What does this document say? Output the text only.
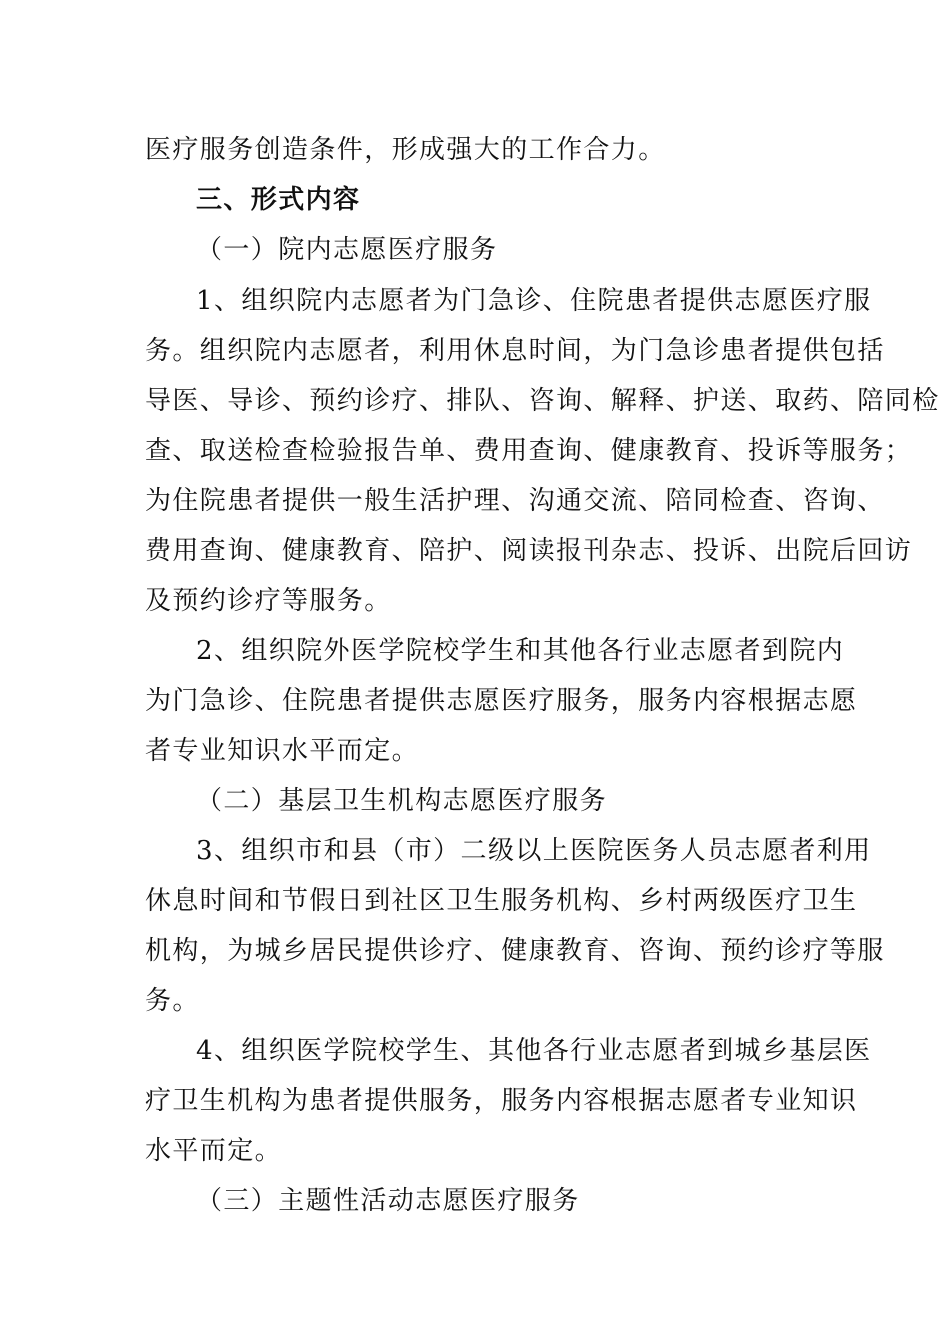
医疗服务创造条件，形成强大的工作合力。
三、形式内容
（一）院内志愿医疗服务
1、组织院内志愿者为门急诊、住院患者提供志愿医疗服
务。组织院内志愿者，利用休息时间，为门急诊患者提供包括
导医、导诊、预约诊疗、排队、咨询、解释、护送、取药、陪同检
查、取送检查检验报告单、费用查询、健康教育、投诉等服务；
为住院患者提供一般生活护理、沟通交流、陪同检查、咨询、
费用查询、健康教育、陪护、阅读报刊杂志、投诉、出院后回访
及预约诊疗等服务。
2、组织院外医学院校学生和其他各行业志愿者到院内
为门急诊、住院患者提供志愿医疗服务，服务内容根据志愿
者专业知识水平而定。
（二）基层卫生机构志愿医疗服务
3、组织市和县（市）二级以上医院医务人员志愿者利用
休息时间和节假日到社区卫生服务机构、乡村两级医疗卫生
机构，为城乡居民提供诊疗、健康教育、咨询、预约诊疗等服
务。
4、组织医学院校学生、其他各行业志愿者到城乡基层医
疗卫生机构为患者提供服务，服务内容根据志愿者专业知识
水平而定。
（三）主题性活动志愿医疗服务
